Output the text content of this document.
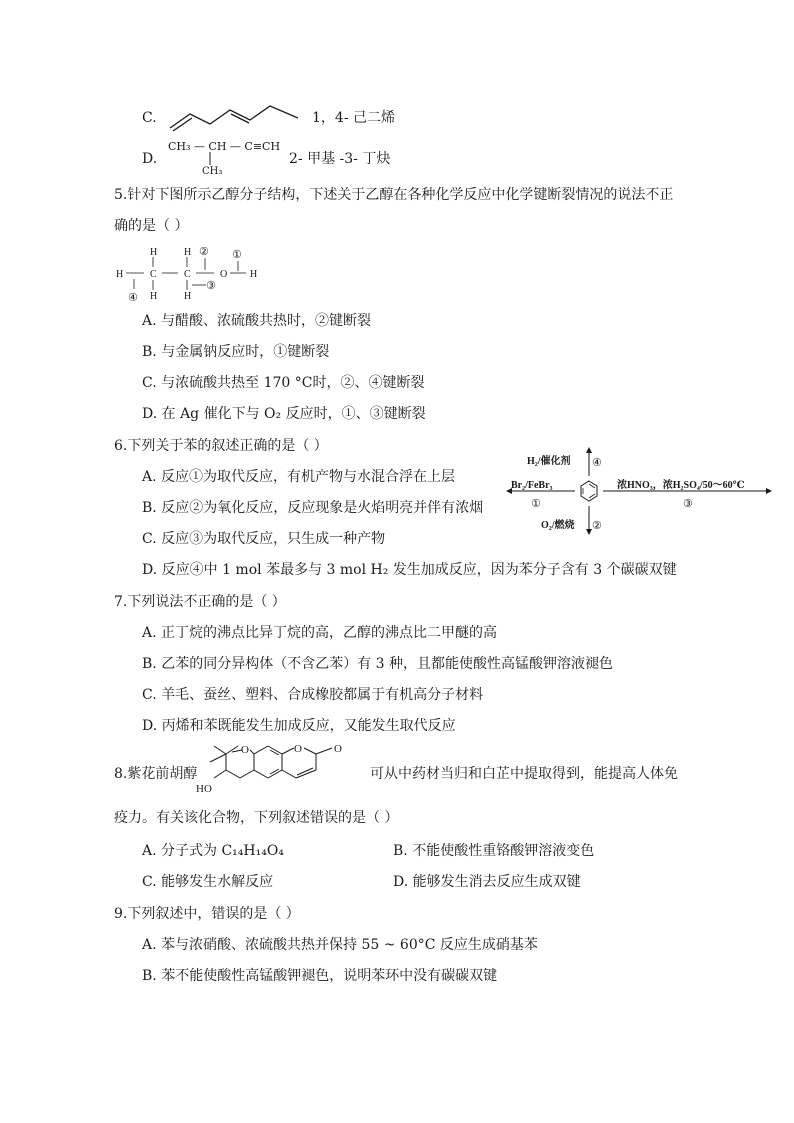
C.	1，4- 己二烯
D.
CH₃ — CH — C≡CH
CH₃
2- 甲基 -3- 丁炔
5.针对下图所示乙醇分子结构，下述关于乙醇在各种化学反应中化学键断裂情况的说法不正
确的是（ ）
H	C
H
H
C
H
H
O H
② ①
③
④
A. 与醋酸、浓硫酸共热时，②键断裂
B. 与金属钠反应时，①键断裂
C. 与浓硫酸共热至 170 °C时，②、④键断裂
D. 在 Ag 催化下与 O₂ 反应时，①、③键断裂
6.下列关于苯的叙述正确的是（ ）
A. 反应①为取代反应，有机产物与水混合浮在上层
B. 反应②为氧化反应，反应现象是火焰明亮并伴有浓烟
C. 反应③为取代反应，只生成一种产物
D. 反应④中 1 mol 苯最多与 3 mol H₂ 发生加成反应，因为苯分子含有 3 个碳碳双键
H₂/催化剂 ④
Br₂/FeBr₃
①
O₂/燃烧 ②
浓HNO₃，浓H₂SO₄/50～60℃
③
7.下列说法不正确的是（ ）
A. 正丁烷的沸点比异丁烷的高，乙醇的沸点比二甲醚的高
B. 乙苯的同分异构体（不含乙苯）有 3 种，且都能使酸性高锰酸钾溶液褪色
C. 羊毛、蚕丝、塑料、合成橡胶都属于有机高分子材料
D. 丙烯和苯既能发生加成反应，又能发生取代反应
8.紫花前胡醇
O	O	O
HO
可从中药材当归和白芷中提取得到，能提高人体免
疫力。有关该化合物，下列叙述错误的是（ ）
A. 分子式为 C₁₄H₁₄O₄	B. 不能使酸性重铬酸钾溶液变色
C. 能够发生水解反应	D. 能够发生消去反应生成双键
9.下列叙述中，错误的是（ ）
A. 苯与浓硝酸、浓硫酸共热并保持 55 ~ 60°C 反应生成硝基苯
B. 苯不能使酸性高锰酸钾褪色，说明苯环中没有碳碳双键
